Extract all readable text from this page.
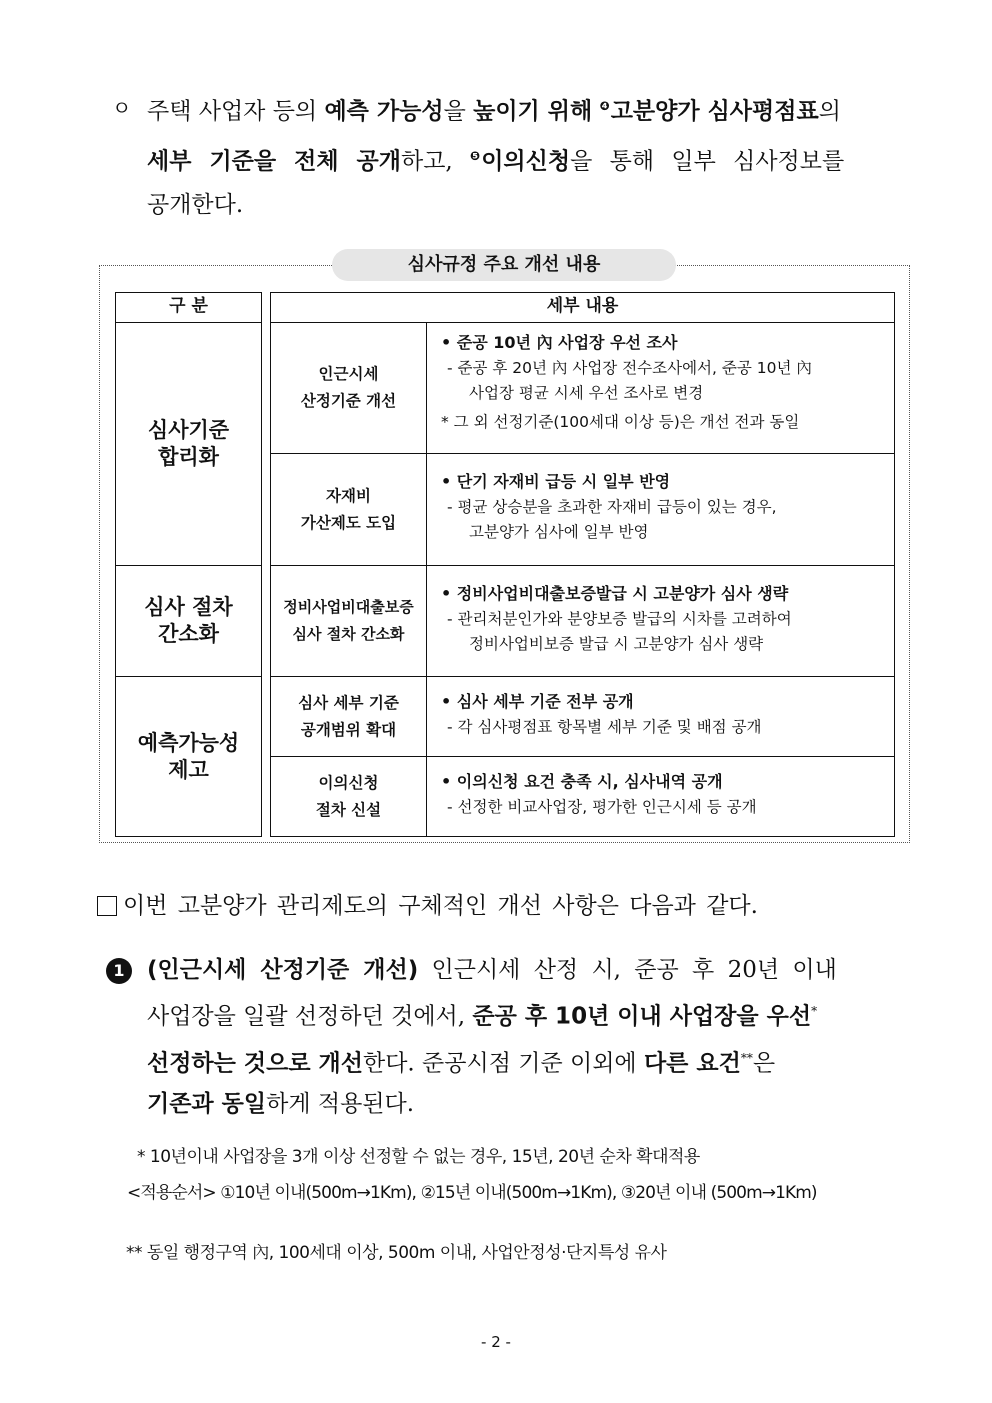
ㅇ 주택 사업자 등의 예측 가능성을 높이기 위해 $^❹$고분양가 심사평점표의
세부 기준을 전체 공개하고, $^❺$이의신청을 통해 일부 심사정보를
공개한다.
심사규정 주요 개선 내용
구 분	세부 내용
심사기준
합리화
심사 절차
간소화
예측가능성
제고
인근시세
산정기준 개선
• 준공 10년 內 사업장 우선 조사
- 준공 후 20년 內 사업장 전수조사에서, 준공 10년 內
사업장 평균 시세 우선 조사로 변경
* 그 외 선정기준(100세대 이상 등)은 개선 전과 동일
자재비
가산제도 도입
• 단기 자재비 급등 시 일부 반영
- 평균 상승분을 초과한 자재비 급등이 있는 경우,
고분양가 심사에 일부 반영
정비사업비대출보증
심사 절차 간소화
• 정비사업비대출보증발급 시 고분양가 심사 생략
- 관리처분인가와 분양보증 발급의 시차를 고려하여
정비사업비보증 발급 시 고분양가 심사 생략
심사 세부 기준
공개범위 확대
• 심사 세부 기준 전부 공개
- 각 심사평점표 항목별 세부 기준 및 배점 공개
이의신청
절차 신설
• 이의신청 요건 충족 시, 심사내역 공개
- 선정한 비교사업장, 평가한 인근시세 등 공개
이번 고분양가 관리제도의 구체적인 개선 사항은 다음과 같다.
1 (인근시세 산정기준 개선) 인근시세 산정 시, 준공 후 20년 이내
사업장을 일괄 선정하던 것에서, 준공 후 10년 이내 사업장을 우선*
선정하는 것으로 개선한다. 준공시점 기준 이외에 다른 요건**은
기존과 동일하게 적용된다.
* 10년이내 사업장을 3개 이상 선정할 수 없는 경우, 15년, 20년 순차 확대적용
<적용순서> ①10년 이내(500m→1Km), ②15년 이내(500m→1Km), ③20년 이내 (500m→1Km)
** 동일 행정구역 內, 100세대 이상, 500m 이내, 사업안정성·단지특성 유사
- 2 -
